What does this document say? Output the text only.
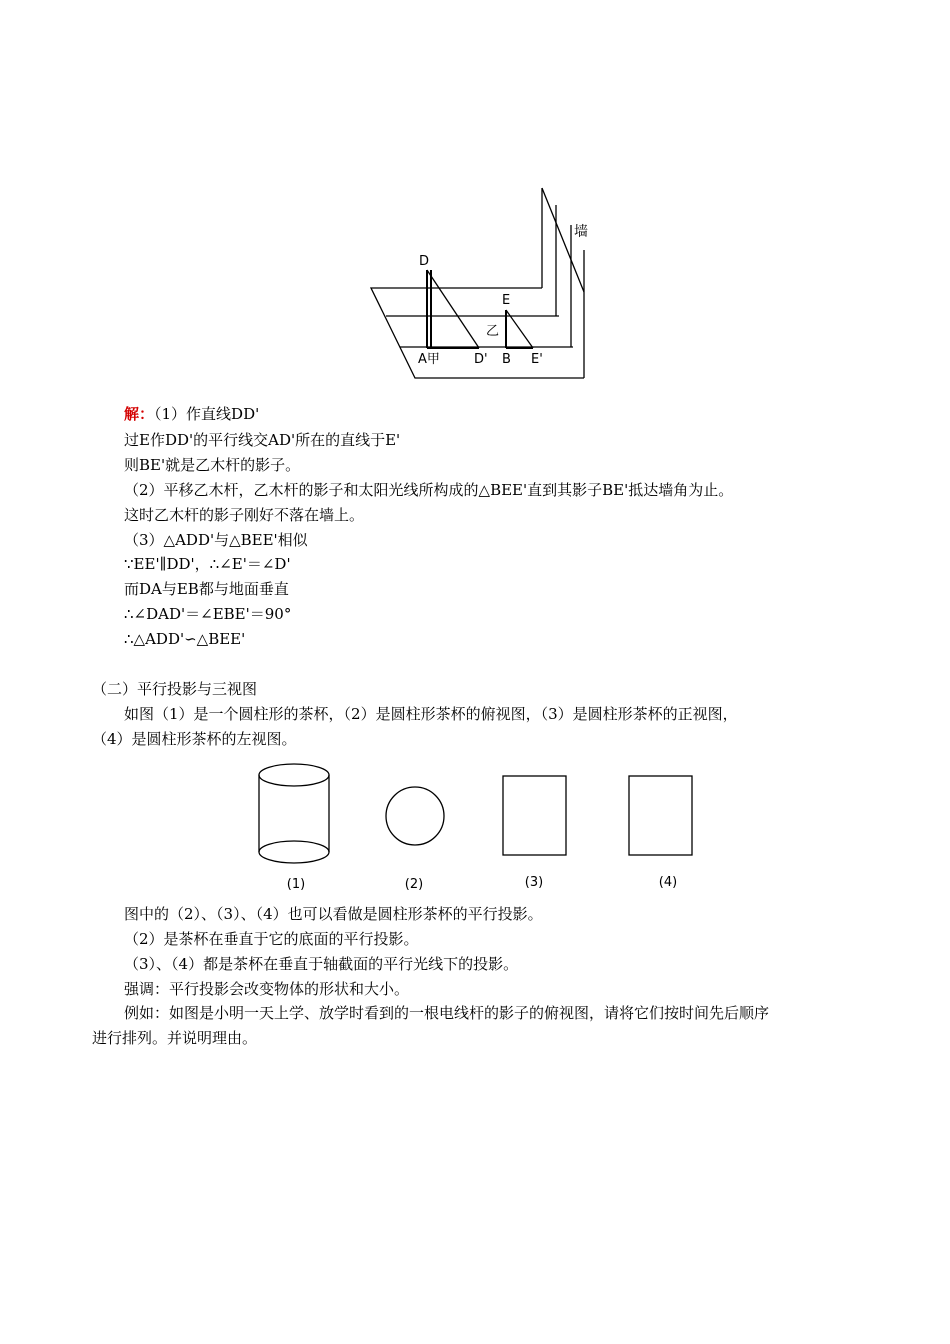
D
E
墙
乙
A甲	D' B E'
解：（1）作直线DD'
过E作DD'的平行线交AD'所在的直线于E'
则BE'就是乙木杆的影子。
（2）平移乙木杆，乙木杆的影子和太阳光线所构成的△BEE'直到其影子BE'抵达墙角为止。
这时乙木杆的影子刚好不落在墙上。
（3）△ADD'与△BEE'相似
∵EE'∥DD'，∴∠E'＝∠D'
而DA与EB都与地面垂直
∴∠DAD'＝∠EBE'＝90°
∴△ADD'∽△BEE'
（二）平行投影与三视图
如图（1）是一个圆柱形的茶杯，（2）是圆柱形茶杯的俯视图，（3）是圆柱形茶杯的正视图，
（4）是圆柱形茶杯的左视图。
(1)	(2)	(3)	(4)
图中的（2）、（3）、（4）也可以看做是圆柱形茶杯的平行投影。
（2）是茶杯在垂直于它的底面的平行投影。
（3）、（4）都是茶杯在垂直于轴截面的平行光线下的投影。
强调：平行投影会改变物体的形状和大小。
例如：如图是小明一天上学、放学时看到的一根电线杆的影子的俯视图，请将它们按时间先后顺序
进行排列。并说明理由。
